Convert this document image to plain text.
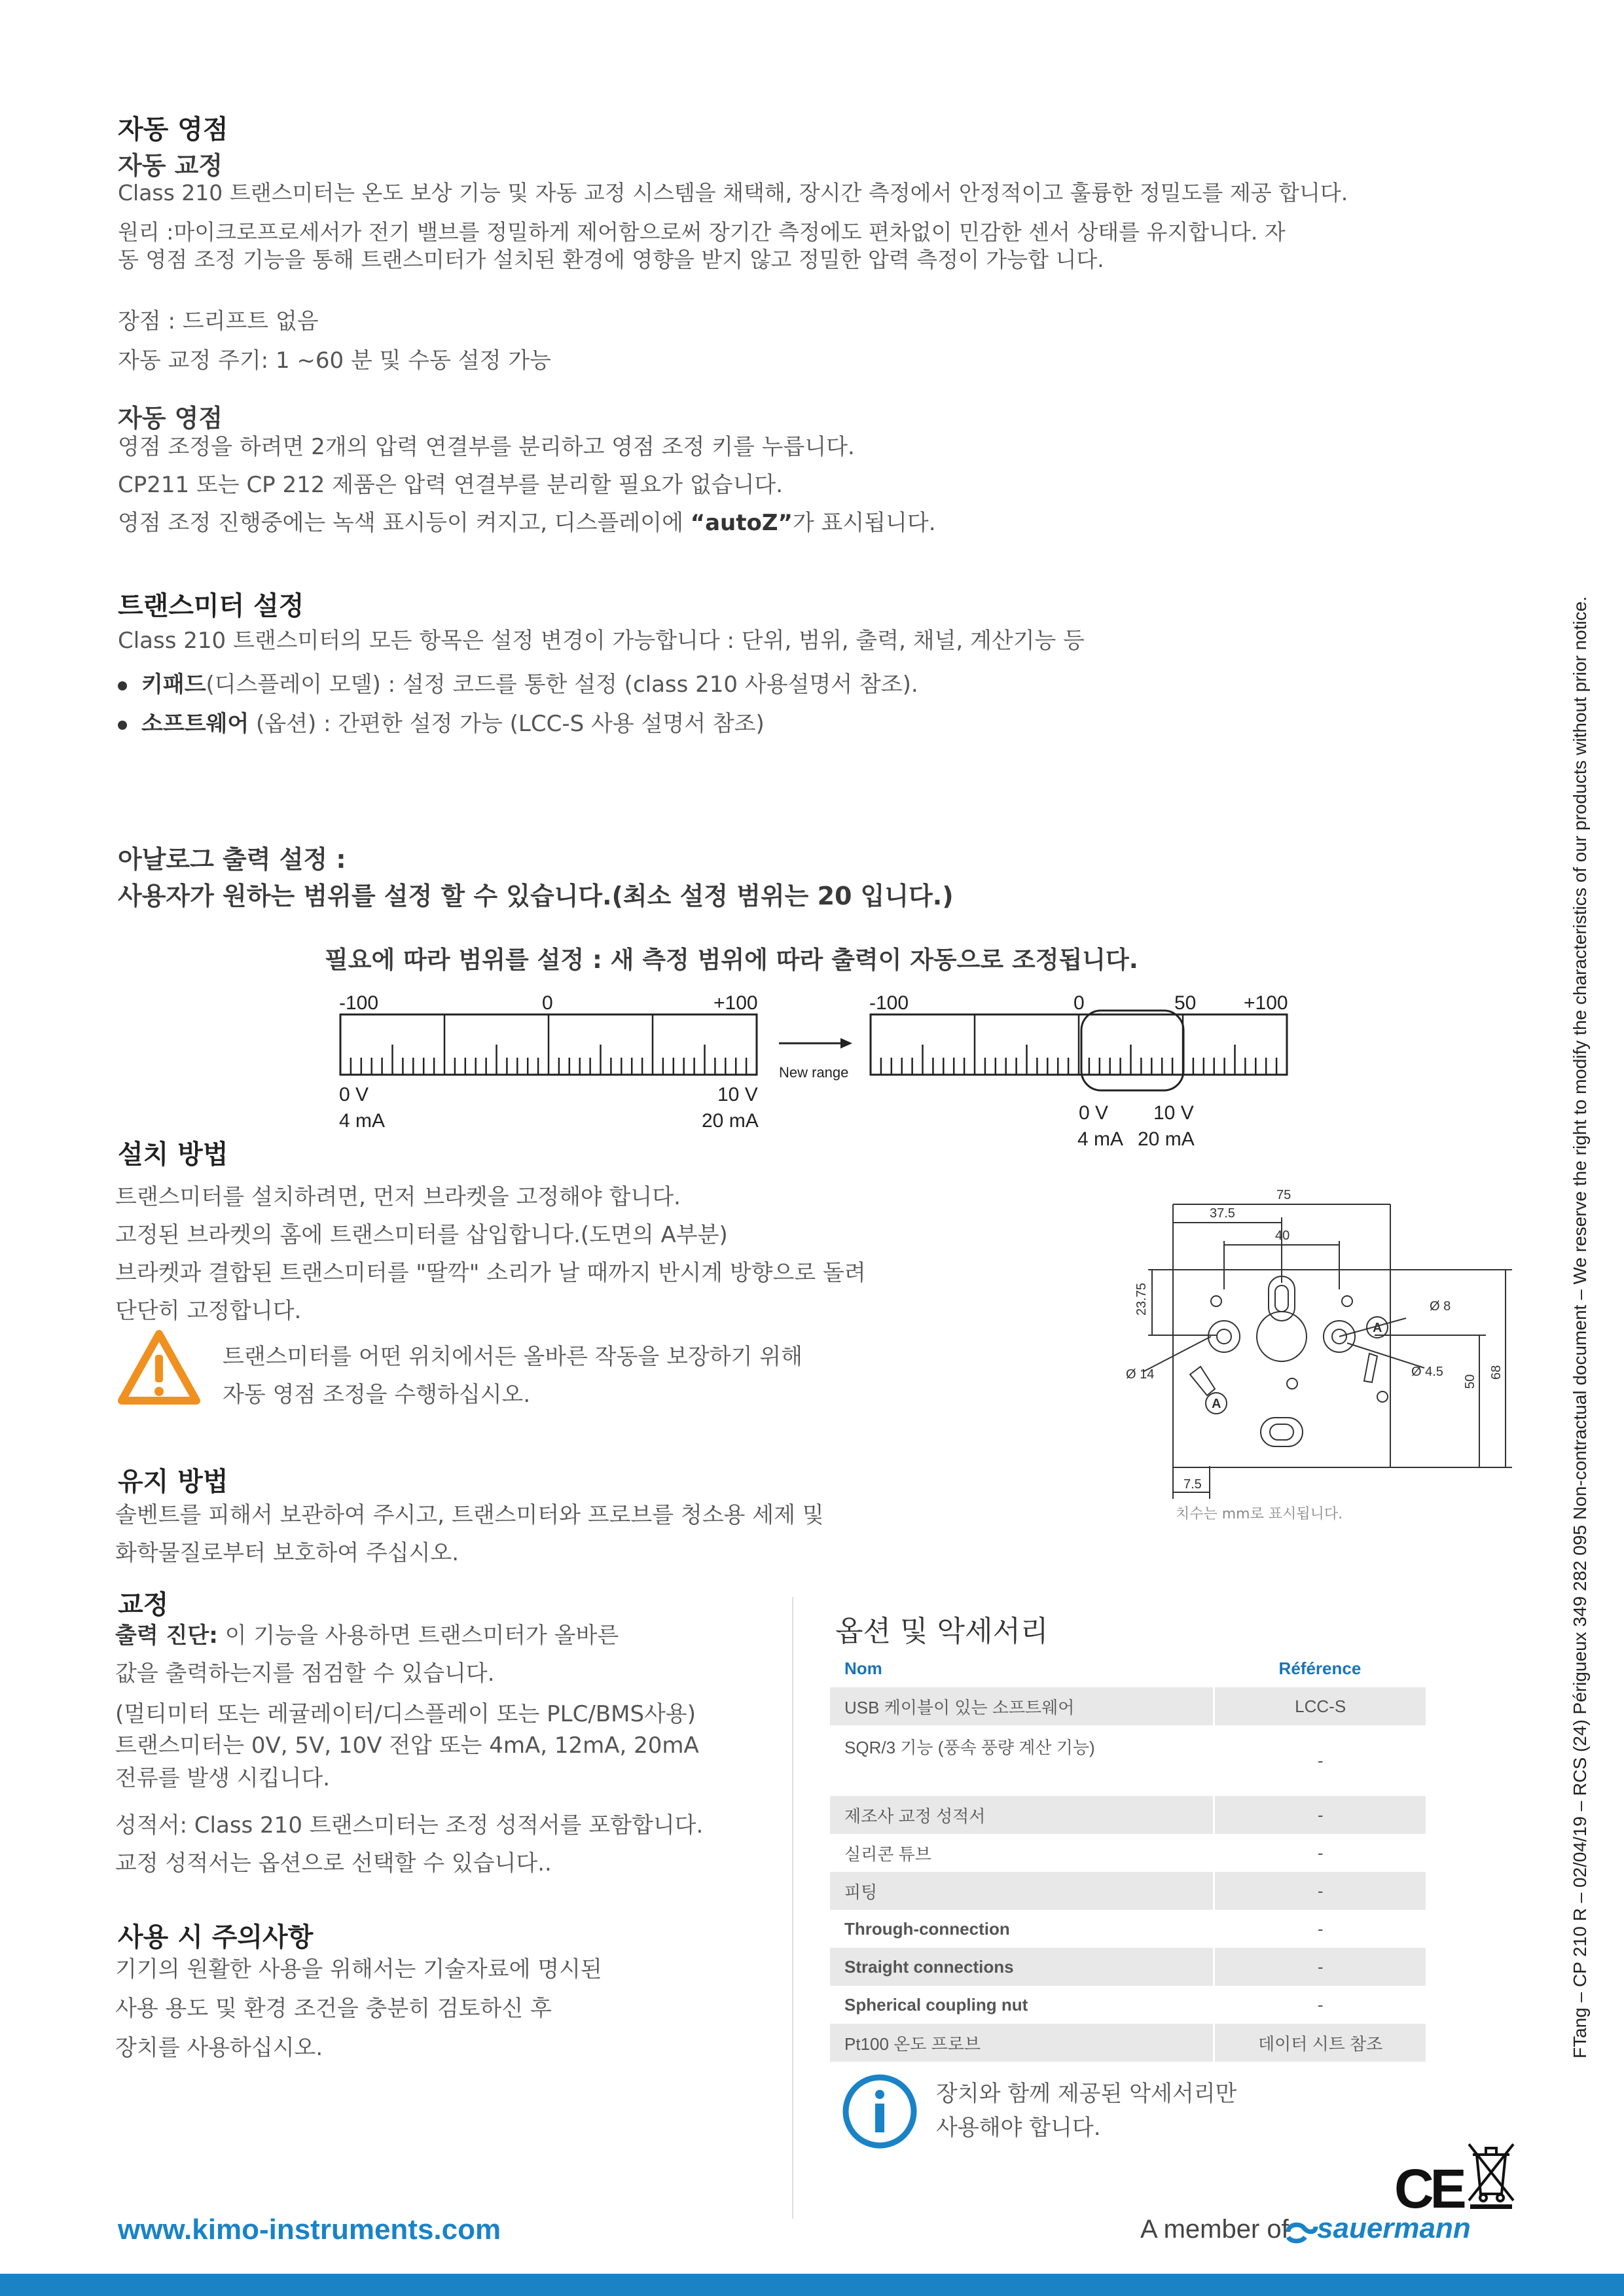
자동 영점
자동 교정
Class 210 트랜스미터는 온도 보상 기능 및 자동 교정 시스템을 채택해, 장시간 측정에서 안정적이고 훌륭한 정밀도를 제공 합니다.
원리 :마이크로프로세서가 전기 밸브를 정밀하게 제어함으로써 장기간 측정에도 편차없이 민감한 센서 상태를 유지합니다. 자
동 영점 조정 기능을 통해 트랜스미터가 설치된 환경에 영향을 받지 않고 정밀한 압력 측정이 가능합 니다.
장점 : 드리프트 없음
자동 교정 주기: 1 ~60 분 및 수동 설정 가능
자동 영점
영점 조정을 하려면 2개의 압력 연결부를 분리하고 영점 조정 키를 누릅니다.
CP211 또는 CP 212 제품은 압력 연결부를 분리할 필요가 없습니다.
영점 조정 진행중에는 녹색 표시등이 켜지고, 디스플레이에 “autoZ”가 표시됩니다.
트랜스미터 설정
Class 210 트랜스미터의 모든 항목은 설정 변경이 가능합니다 : 단위, 범위, 출력, 채널, 계산기능 등
키패드(디스플레이 모델) : 설정 코드를 통한 설정 (class 210 사용설명서 참조).
소프트웨어 (옵션) : 간편한 설정 가능 (LCC-S 사용 설명서 참조)
아날로그 출력 설정 :
사용자가 원하는 범위를 설정 할 수 있습니다.(최소 설정 범위는 20 입니다.)
필요에 따라 범위를 설정 : 새 측정 범위에 따라 출력이 자동으로 조정됩니다.
-100	0	+100	-100	0	50 +100
New range
0 V
4 mA
10 V
20 mA	0 V 10 V
4 mA 20 mA
설치 방법
트랜스미터를 설치하려면, 먼저 브라켓을 고정해야 합니다.
고정된 브라켓의 홈에 트랜스미터를 삽입합니다.(도면의 A부분)
브라켓과 결합된 트랜스미터를 "딸깍" 소리가 날 때까지 반시계 방향으로 돌려
단단히 고정합니다.
트랜스미터를 어떤 위치에서든 올바른 작동을 보장하기 위해
자동 영점 조정을 수행하십시오.
75
37.5
40
23.75	Ø 8
Ø 14	Ø 4.5
50
68
7.5
A
A
치수는 mm로 표시됩니다.
유지 방법
솔벤트를 피해서 보관하여 주시고, 트랜스미터와 프로브를 청소용 세제 및
화학물질로부터 보호하여 주십시오.
교정
출력 진단: 이 기능을 사용하면 트랜스미터가 올바른
값을 출력하는지를 점검할 수 있습니다.
(멀티미터 또는 레귤레이터/디스플레이 또는 PLC/BMS사용)
트랜스미터는 0V, 5V, 10V 전압 또는 4mA, 12mA, 20mA
전류를 발생 시킵니다.
성적서: Class 210 트랜스미터는 조정 성적서를 포함합니다.
교정 성적서는 옵션으로 선택할 수 있습니다..
사용 시 주의사항
기기의 원활한 사용을 위해서는 기술자료에 명시된
사용 용도 및 환경 조건을 충분히 검토하신 후
장치를 사용하십시오.
옵션 및 악세서리
Nom	Référence
USB 케이블이 있는 소프트웨어	LCC-S
SQR/3 기능 (풍속 풍량 계산 기능)	-
제조사 교정 성적서	-
실리콘 튜브	-
피팅	-
Through-connection	-
Straight connections	-
Spherical coupling nut	-
Pt100 온도 프로브	데이터 시트 참조
장치와 함께 제공된 악세서리만
사용해야 합니다.
CE
www.kimo-instruments.com	A member of sauermann
FTang – CP 210 R – 02/04/19 – RCS (24) Périgueux 349 282 095 Non-contractual document – We reserve the right to modify the characteristics of our products without prior notice.
